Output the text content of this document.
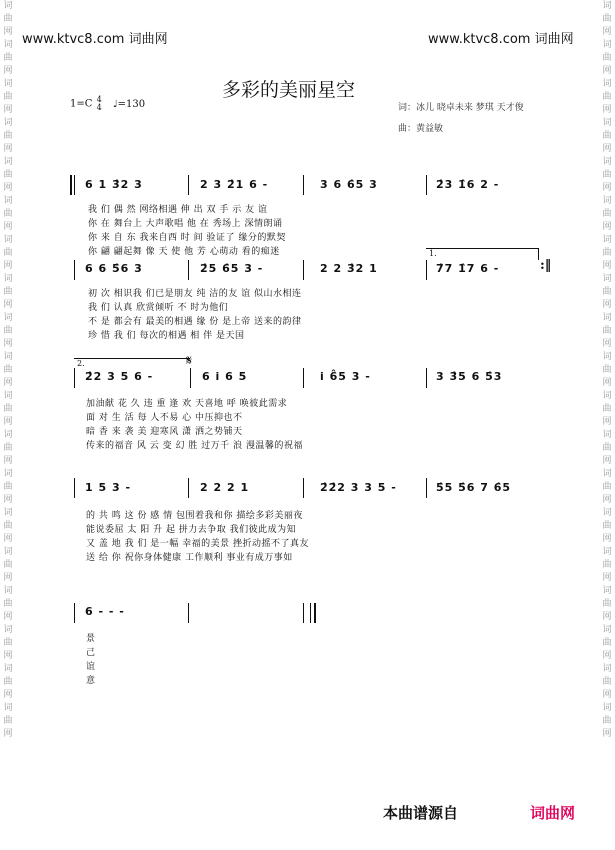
词曲网词曲网词曲网词曲网词曲网词曲网词曲网词曲网词曲网词曲网词曲网词曲网词曲网词曲网词曲网词曲网词曲网词曲网词曲网
词曲网词曲网词曲网词曲网词曲网词曲网词曲网词曲网词曲网词曲网词曲网词曲网词曲网词曲网词曲网词曲网词曲网词曲网词曲网
www.ktvc8.com 词曲网	www.ktvc8.com 词曲网
多彩的美丽星空
1=C 4
4 ♩=130	词：冰儿 晓卓未来 梦琪 天才俊
曲：黄益敏
6 1 3̂2 3	2 3 2̂1 6 -	3 6 6̂5 3	2̂3 1̂6 2 -
我 们 偶 然 网络相遇 伸 出 双 手 示 友 谊
你 在 舞台上 大声歌唱 他 在 秀场上 深情朗诵
你 来 自 东 我来自西 时 间 验证了 缘分的默契
你 翩 翩起舞 像 天 使 他 芳 心萌动 看的痴迷
6 6 5̂6 3	2̂5 6̂5 3 -	2 2 3̂2 1
1.
7̂7 1̂7 6 -	:‖
初 次 相识我 们已是朋友 纯 洁的友 谊 似山水相连
我 们 认真 欣赏倾听 不 时为他们
不 是 都会有 最美的相遇 缘 份 是上帝 送来的韵律
珍 惜 我 们 每次的相遇 相 伴 是天国
2.
2̂2 3 5 6 -
𝄋
6 i 6 5	i 6̂5 3 -	3 3̂5 6 5̂3
加油献 花 久 违 重 逢 欢 天喜地 呼 唤彼此需求
面 对 生 活 每 人不易 心 中压抑也不
暗 香 来 袭 美 迎寒风 潇 洒之势铺天
传来的福音 风 云 变 幻 胜 过万千 浪 漫温馨的祝福
1 5 3 -	2 2 2 1	2̂2̂2 3 3 5 -	5̂5 5̂6 7 6̂5
的 共 鸣 这 份 感 情 包围着我和你 描绘多彩美丽夜
能说委屈 太 阳 升 起 拼力去争取 我们彼此成为知
又 盖 地 我 们 是一幅 幸福的美景 挫折动摇不了真友
送 给 你 祝你身体健康 工作顺利 事业有成万事如
6 - - -
景
己
谊
意
本曲谱源自	词曲网
